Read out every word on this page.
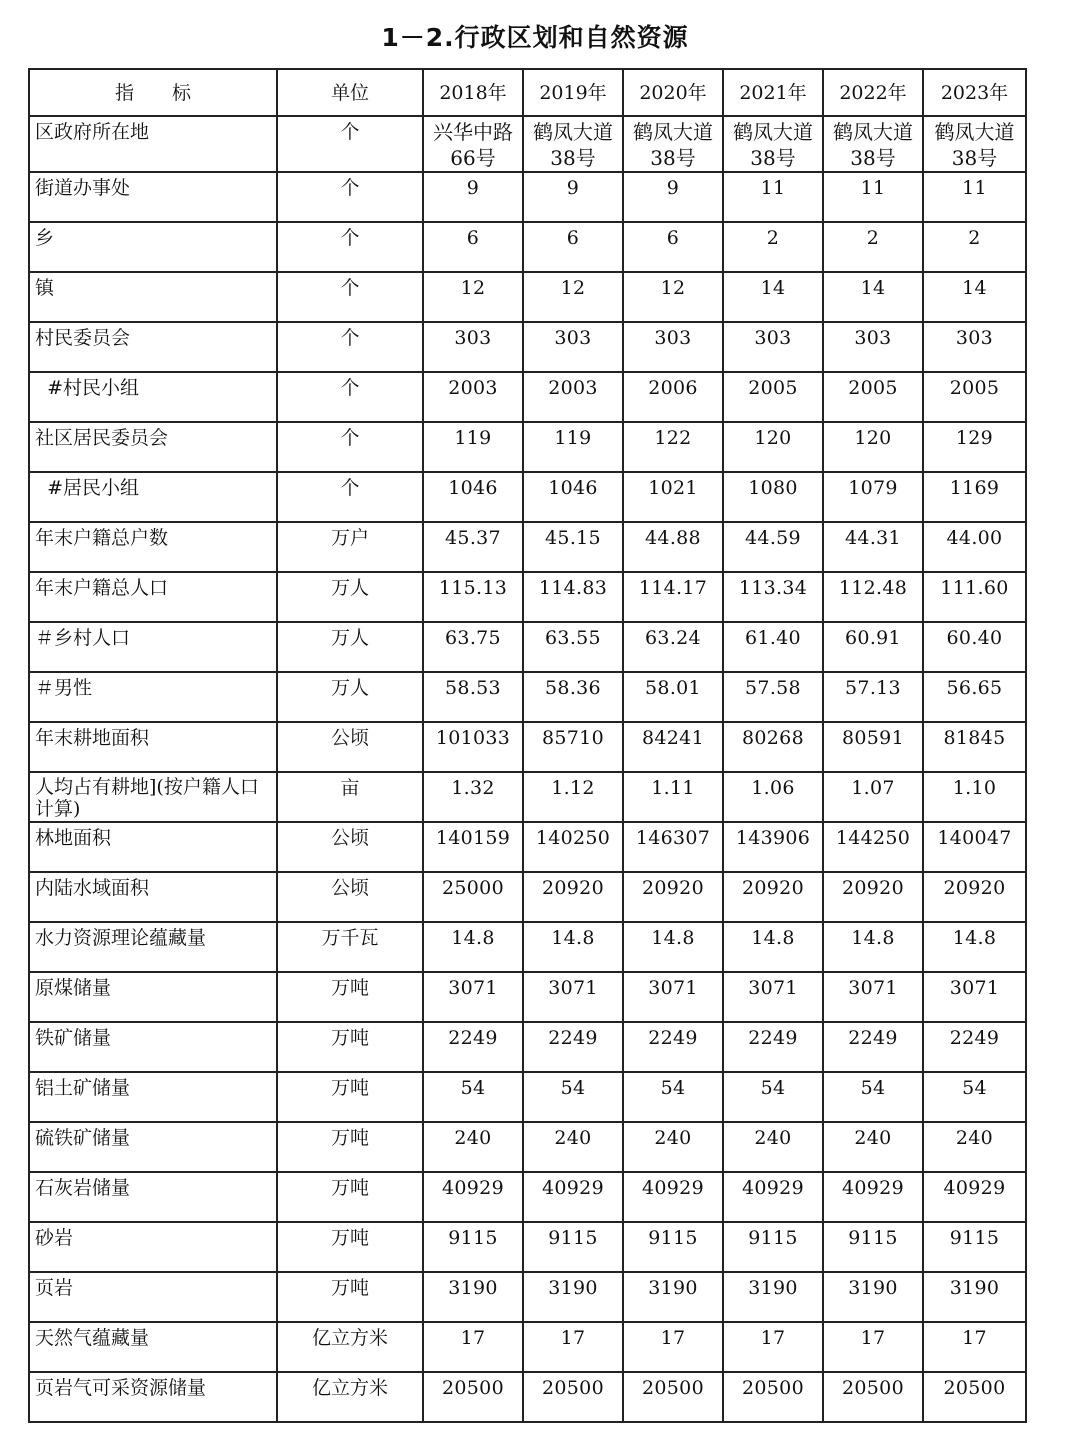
1－2.行政区划和自然资源
指　　标	单位	2018年	2019年	2020年	2021年	2022年	2023年
区政府所在地	个	兴华中路66号	鹤凤大道38号	鹤凤大道38号	鹤凤大道38号	鹤凤大道38号	鹤凤大道38号
街道办事处	个	9	9	9	11	11	11
乡	个	6	6	6	2	2	2
镇	个	12	12	12	14	14	14
村民委员会	个	303	303	303	303	303	303
#村民小组	个	2003	2003	2006	2005	2005	2005
社区居民委员会	个	119	119	122	120	120	129
#居民小组	个	1046	1046	1021	1080	1079	1169
年末户籍总户数	万户	45.37	45.15	44.88	44.59	44.31	44.00
年末户籍总人口	万人	115.13	114.83	114.17	113.34	112.48	111.60
＃乡村人口	万人	63.75	63.55	63.24	61.40	60.91	60.40
＃男性	万人	58.53	58.36	58.01	57.58	57.13	56.65
年末耕地面积	公顷	101033	85710	84241	80268	80591	81845
人均占有耕地](按户籍人口计算)	亩	1.32	1.12	1.11	1.06	1.07	1.10
林地面积	公顷	140159	140250	146307	143906	144250	140047
内陆水域面积	公顷	25000	20920	20920	20920	20920	20920
水力资源理论蕴藏量	万千瓦	14.8	14.8	14.8	14.8	14.8	14.8
原煤储量	万吨	3071	3071	3071	3071	3071	3071
铁矿储量	万吨	2249	2249	2249	2249	2249	2249
铝土矿储量	万吨	54	54	54	54	54	54
硫铁矿储量	万吨	240	240	240	240	240	240
石灰岩储量	万吨	40929	40929	40929	40929	40929	40929
砂岩	万吨	9115	9115	9115	9115	9115	9115
页岩	万吨	3190	3190	3190	3190	3190	3190
天然气蕴藏量	亿立方米	17	17	17	17	17	17
页岩气可采资源储量	亿立方米	20500	20500	20500	20500	20500	20500
